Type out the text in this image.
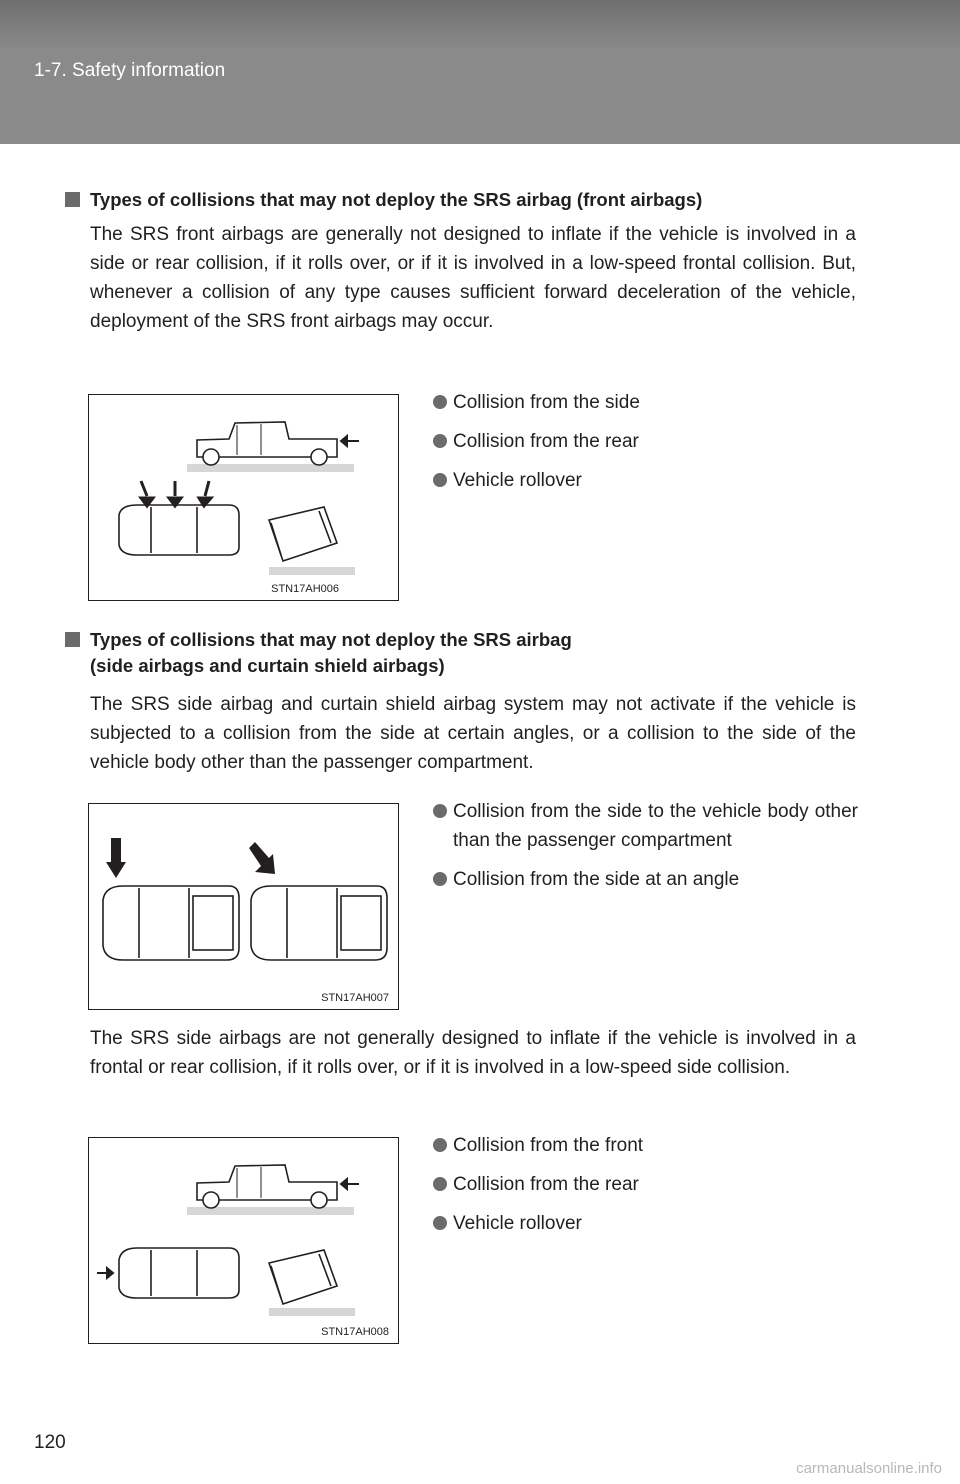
1-7. Safety information
Types of collisions that may not deploy the SRS airbag (front airbags)
The SRS front airbags are generally not designed to inflate if the vehicle is involved in a side or rear collision, if it rolls over, or if it is involved in a low-speed frontal collision. But, whenever a collision of any type causes sufficient forward deceleration of the vehicle, deployment of the SRS front airbags may occur.
STN17AH006
Collision from the side
Collision from the rear
Vehicle rollover
Types of collisions that may not deploy the SRS airbag
(side airbags and curtain shield airbags)
The SRS side airbag and curtain shield airbag system may not activate if the vehicle is subjected to a collision from the side at certain angles, or a collision to the side of the vehicle body other than the passenger compartment.
STN17AH007
Collision from the side to the vehicle body other than the passenger compartment
Collision from the side at an angle
The SRS side airbags are not generally designed to inflate if the vehicle is involved in a frontal or rear collision, if it rolls over, or if it is involved in a low-speed side collision.
STN17AH008
Collision from the front
Collision from the rear
Vehicle rollover
120
carmanualsonline.info
